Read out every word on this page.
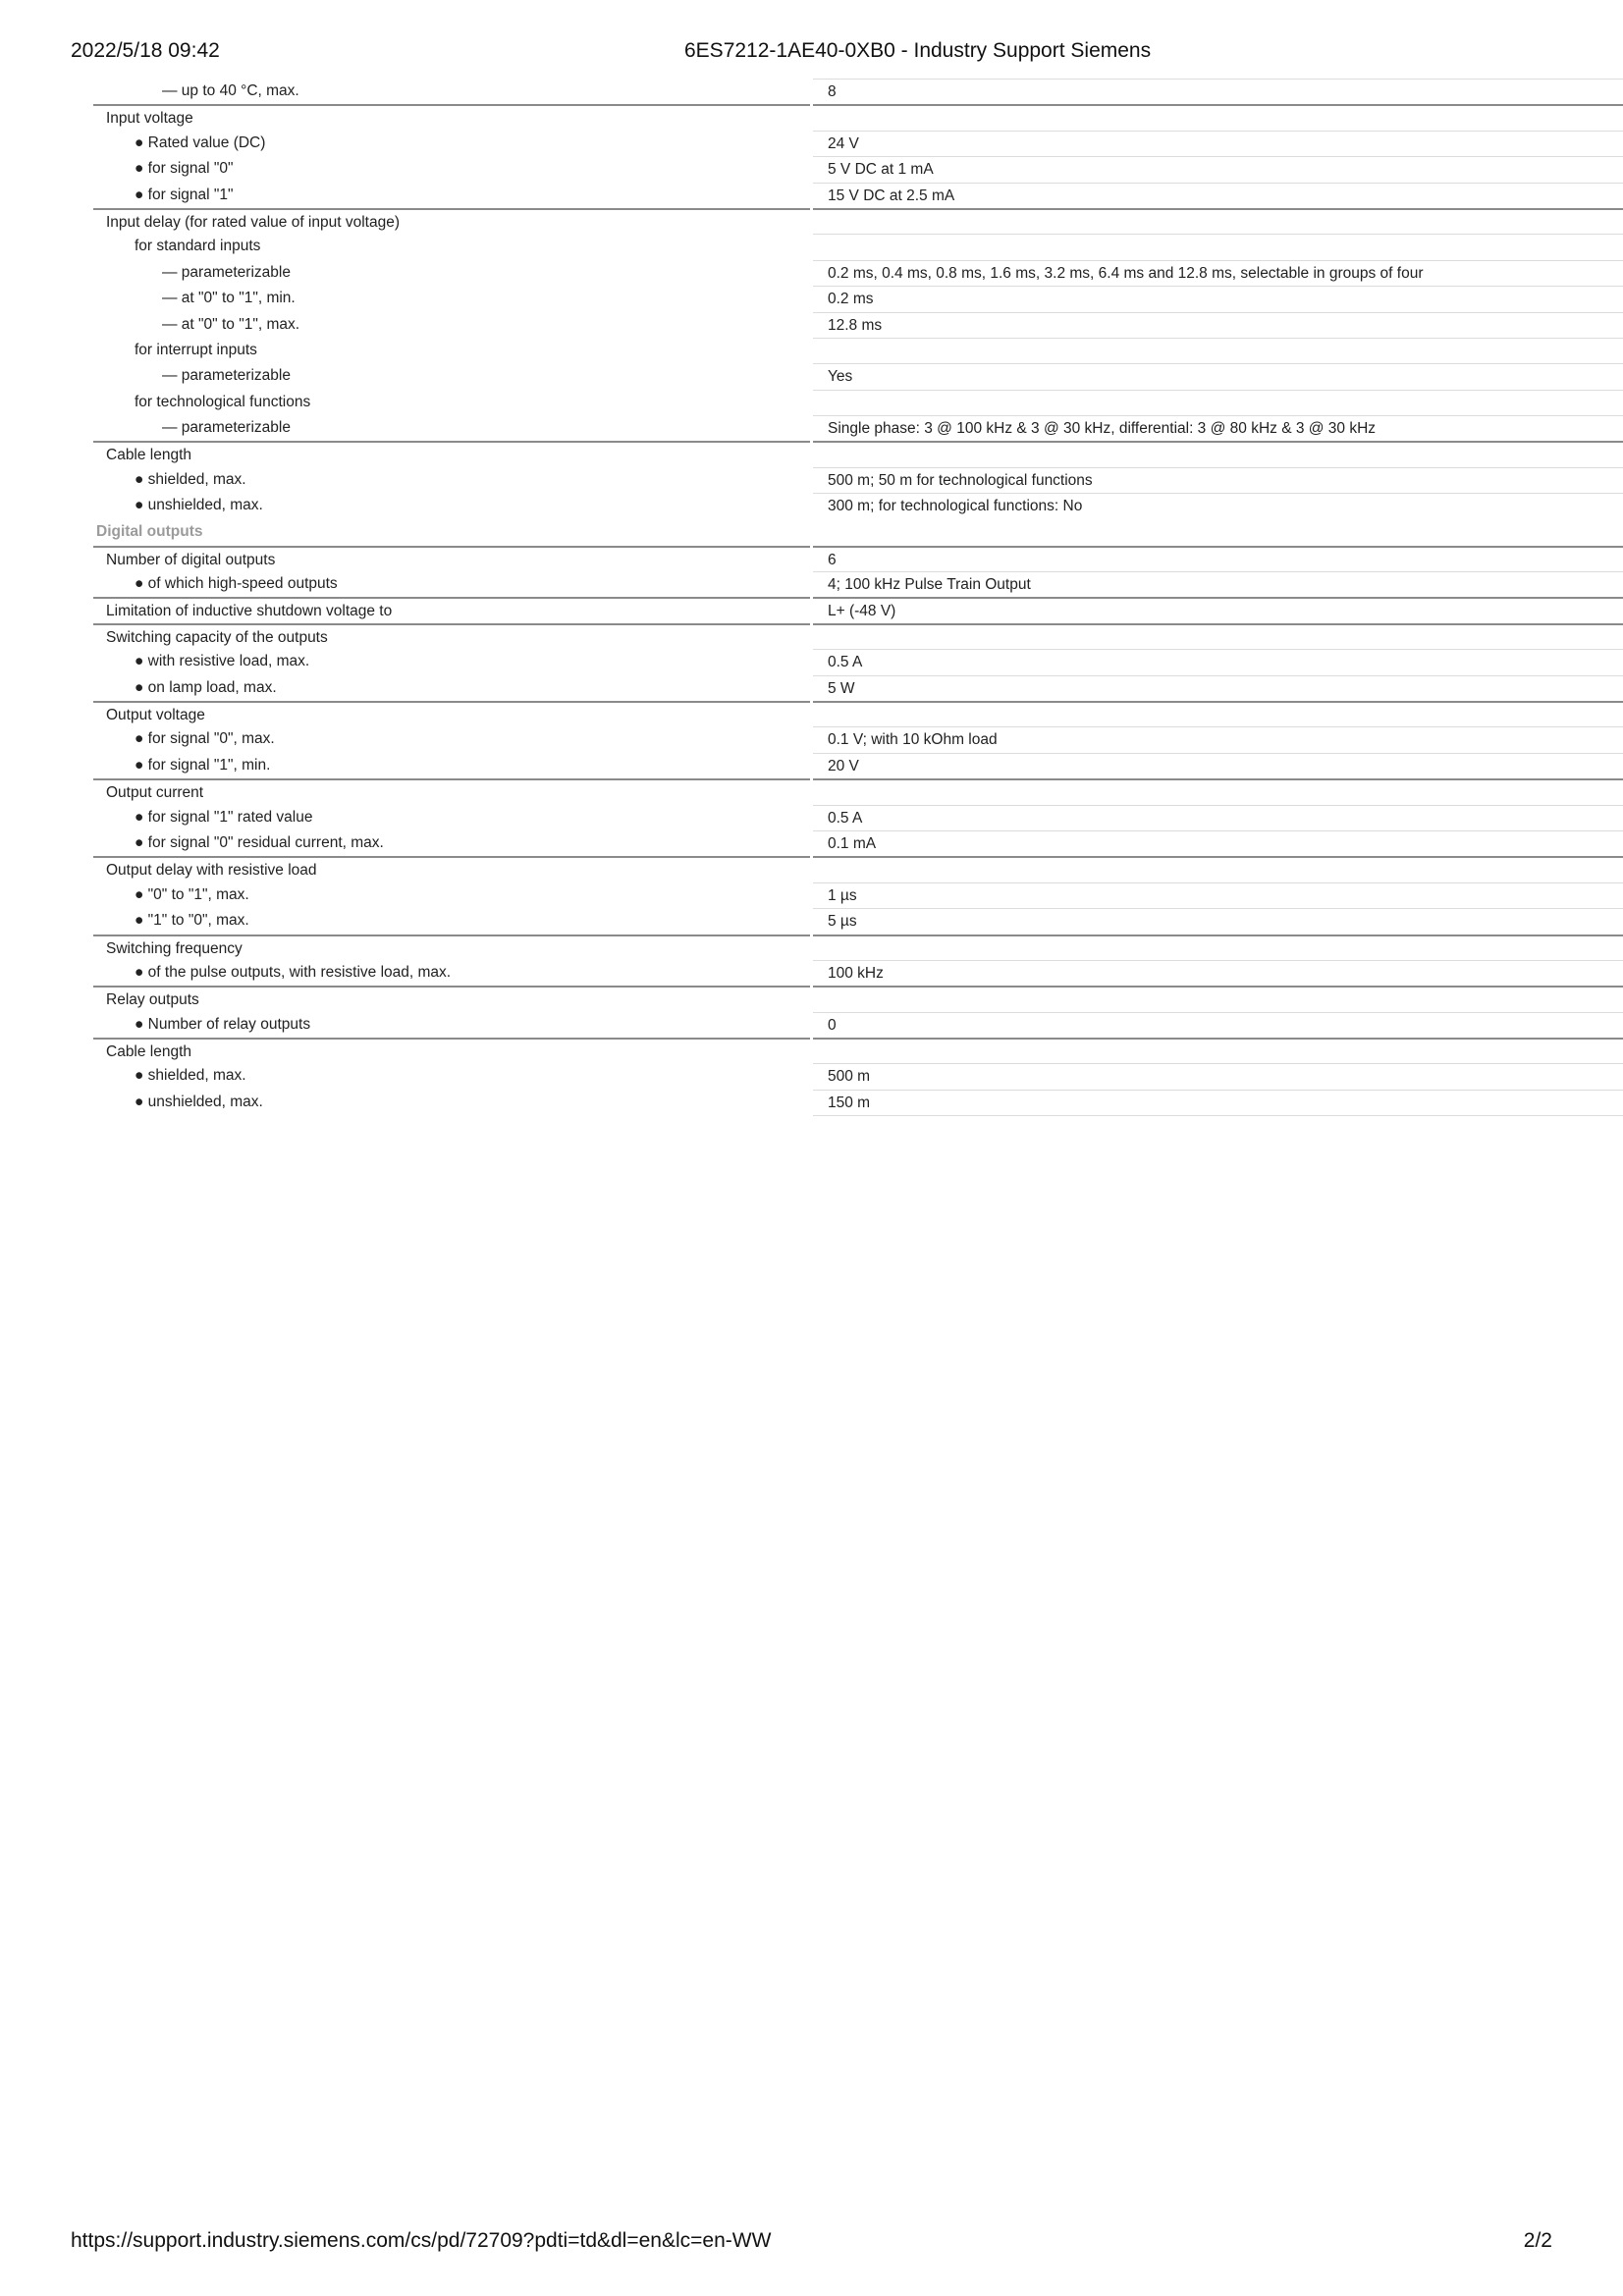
2022/5/18 09:42	6ES7212-1AE40-0XB0 - Industry Support Siemens
— up to 40 °C, max.	8
Input voltage
● Rated value (DC)	24 V
● for signal "0"	5 V DC at 1 mA
● for signal "1"	15 V DC at 2.5 mA
Input delay (for rated value of input voltage)
for standard inputs
— parameterizable	0.2 ms, 0.4 ms, 0.8 ms, 1.6 ms, 3.2 ms, 6.4 ms and 12.8 ms, selectable in groups of four
— at "0" to "1", min.	0.2 ms
— at "0" to "1", max.	12.8 ms
for interrupt inputs
— parameterizable	Yes
for technological functions
— parameterizable	Single phase: 3 @ 100 kHz & 3 @ 30 kHz, differential: 3 @ 80 kHz & 3 @ 30 kHz
Cable length
● shielded, max.	500 m; 50 m for technological functions
● unshielded, max.	300 m; for technological functions: No
Digital outputs
Number of digital outputs	6
● of which high-speed outputs	4; 100 kHz Pulse Train Output
Limitation of inductive shutdown voltage to	L+ (-48 V)
Switching capacity of the outputs
● with resistive load, max.	0.5 A
● on lamp load, max.	5 W
Output voltage
● for signal "0", max.	0.1 V; with 10 kOhm load
● for signal "1", min.	20 V
Output current
● for signal "1" rated value	0.5 A
● for signal "0" residual current, max.	0.1 mA
Output delay with resistive load
● "0" to "1", max.	1 µs
● "1" to "0", max.	5 µs
Switching frequency
● of the pulse outputs, with resistive load, max.	100 kHz
Relay outputs
● Number of relay outputs	0
Cable length
● shielded, max.	500 m
● unshielded, max.	150 m
https://support.industry.siemens.com/cs/pd/72709?pdti=td&dl=en&lc=en-WW	2/2
